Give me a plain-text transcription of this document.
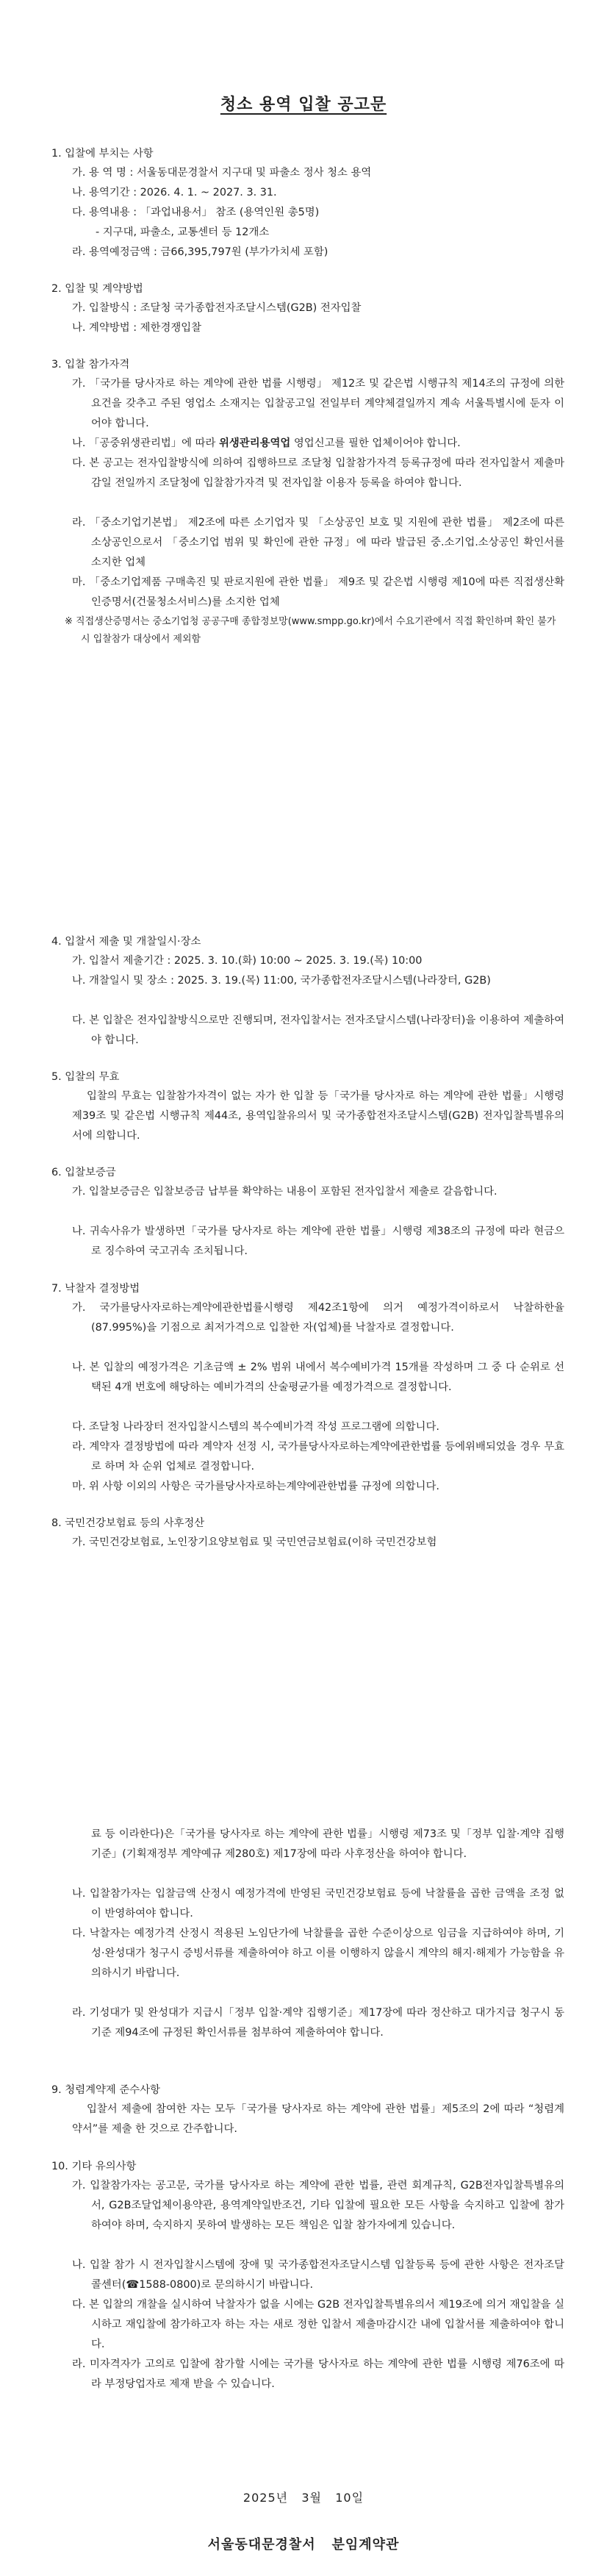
청소 용역 입찰 공고문
1. 입찰에 부치는 사항
가. 용 역 명 : 서울동대문경찰서 지구대 및 파출소 정사 청소 용역
나. 용역기간 : 2026. 4. 1. ~ 2027. 3. 31.
다. 용역내용 : 「과업내용서」 참조 (용역인원 총5명)
- 지구대, 파출소, 교통센터 등 12개소
라. 용역예정금액 : 금66,395,797원 (부가가치세 포함)
2. 입찰 및 계약방법
가. 입찰방식 : 조달청 국가종합전자조달시스템(G2B) 전자입찰
나. 계약방법 : 제한경쟁입찰
3. 입찰 참가자격
가. 「국가를 당사자로 하는 계약에 관한 법률 시행령」 제12조 및 같은법 시행규칙 제14조의 규정에 의한 요건을 갖추고 주된 영업소 소재지는 입찰공고일 전일부터 계약체결일까지 계속 서울특별시에 둔자 이어야 합니다.
나. 「공중위생관리법」에 따라 위생관리용역업 영업신고를 필한 업체이어야 합니다.
다. 본 공고는 전자입찰방식에 의하여 집행하므로 조달청 입찰참가자격 등록규정에 따라 전자입찰서 제출마감일 전일까지 조달청에 입찰참가자격 및 전자입찰 이용자 등록을 하여야 합니다.
라. 「중소기업기본법」 제2조에 따른 소기업자 및 「소상공인 보호 및 지원에 관한 법률」 제2조에 따른 소상공인으로서 「중소기업 범위 및 확인에 관한 규정」에 따라 발급된 중.소기업.소상공인 확인서를 소지한 업체
마. 「중소기업제품 구매촉진 및 판로지원에 관한 법률」 제9조 및 같은법 시행령 제10에 따른 직접생산확인증명서(건물청소서비스)를 소지한 업체
※ 직접생산증명서는 중소기업청 공공구매 종합정보망(www.smpp.go.kr)에서 수요기관에서 직접 확인하며 확인 불가시 입찰참가 대상에서 제외함
4. 입찰서 제출 및 개찰일시·장소
가. 입찰서 제출기간 : 2025. 3. 10.(화) 10:00 ~ 2025. 3. 19.(목) 10:00
나. 개찰일시 및 장소 : 2025. 3. 19.(목) 11:00, 국가종합전자조달시스템(나라장터, G2B)
다. 본 입찰은 전자입찰방식으로만 진행되며, 전자입찰서는 전자조달시스템(나라장터)을 이용하여 제출하여야 합니다.
5. 입찰의 무효
입찰의 무효는 입찰참가자격이 없는 자가 한 입찰 등「국가를 당사자로 하는 계약에 관한 법률」시행령 제39조 및 같은법 시행규칙 제44조, 용역입찰유의서 및 국가종합전자조달시스템(G2B) 전자입찰특별유의서에 의합니다.
6. 입찰보증금
가. 입찰보증금은 입찰보증금 납부를 확약하는 내용이 포함된 전자입찰서 제출로 갈음합니다.
나. 귀속사유가 발생하면「국가를 당사자로 하는 계약에 관한 법률」시행령 제38조의 규정에 따라 현금으로 징수하여 국고귀속 조치됩니다.
7. 낙찰자 결정방법
가. 국가를당사자로하는계약에관한법률시행령 제42조1항에 의거 예정가격이하로서 낙찰하한율(87.995%)을 기점으로 최저가격으로 입찰한 자(업체)를 낙찰자로 결정합니다.
나. 본 입찰의 예정가격은 기초금액 ± 2% 범위 내에서 복수예비가격 15개를 작성하며 그 중 다 순위로 선택된 4개 번호에 해당하는 예비가격의 산술평균가를 예정가격으로 결정합니다.
다. 조달청 나라장터 전자입찰시스템의 복수예비가격 작성 프로그램에 의합니다.
라. 계약자 결정방법에 따라 계약자 선정 시, 국가를당사자로하는계약에관한법률 등에위배되었을 경우 무효로 하며 차 순위 업체로 결정합니다.
마. 위 사항 이외의 사항은 국가를당사자로하는계약에관한법률 규정에 의합니다.
8. 국민건강보험료 등의 사후정산
가. 국민건강보험료, 노인장기요양보험료 및 국민연금보험료(이하 국민건강보험
료 등 이라한다)은「국가를 당사자로 하는 계약에 관한 법률」시행령 제73조 및「정부 입찰·계약 집행기준」(기획재정부 계약예규 제280호) 제17장에 따라 사후정산을 하여야 합니다.
나. 입찰참가자는 입찰금액 산정시 예정가격에 반영된 국민건강보험료 등에 낙찰률을 곱한 금액을 조정 없이 반영하여야 합니다.
다. 낙찰자는 예정가격 산정시 적용된 노임단가에 낙찰률을 곱한 수준이상으로 임금을 지급하여야 하며, 기성·완성대가 청구시 증빙서류를 제출하여야 하고 이를 이행하지 않을시 계약의 해지·해제가 가능함을 유의하시기 바랍니다.
라. 기성대가 및 완성대가 지급시「정부 입찰·계약 집행기준」제17장에 따라 정산하고 대가지급 청구시 동 기준 제94조에 규정된 확인서류를 첨부하여 제출하여야 합니다.
9. 청렴계약제 준수사항
입찰서 제출에 참여한 자는 모두「국가를 당사자로 하는 계약에 관한 법률」제5조의 2에 따라 “청렴계약서”를 제출 한 것으로 간주합니다.
10. 기타 유의사항
가. 입찰참가자는 공고문, 국가를 당사자로 하는 계약에 관한 법률, 관련 회계규칙, G2B전자입찰특별유의서, G2B조달업체이용약관, 용역계약일반조건, 기타 입찰에 필요한 모든 사항을 숙지하고 입찰에 참가하여야 하며, 숙지하지 못하여 발생하는 모든 책임은 입찰 참가자에게 있습니다.
나. 입찰 참가 시 전자입찰시스템에 장애 및 국가종합전자조달시스템 입찰등록 등에 관한 사항은 전자조달 콜센터(☎1588-0800)로 문의하시기 바랍니다.
다. 본 입찰의 개찰을 실시하여 낙찰자가 없을 시에는 G2B 전자입찰특별유의서 제19조에 의거 재입찰을 실시하고 재입찰에 참가하고자 하는 자는 새로 정한 입찰서 제출마감시간 내에 입찰서를 제출하여야 합니다.
라. 미자격자가 고의로 입찰에 참가할 시에는 국가를 당사자로 하는 계약에 관한 법률 시행령 제76조에 따라 부정당업자로 제재 받을 수 있습니다.
2025년   3월   10일
서울동대문경찰서   분임계약관
